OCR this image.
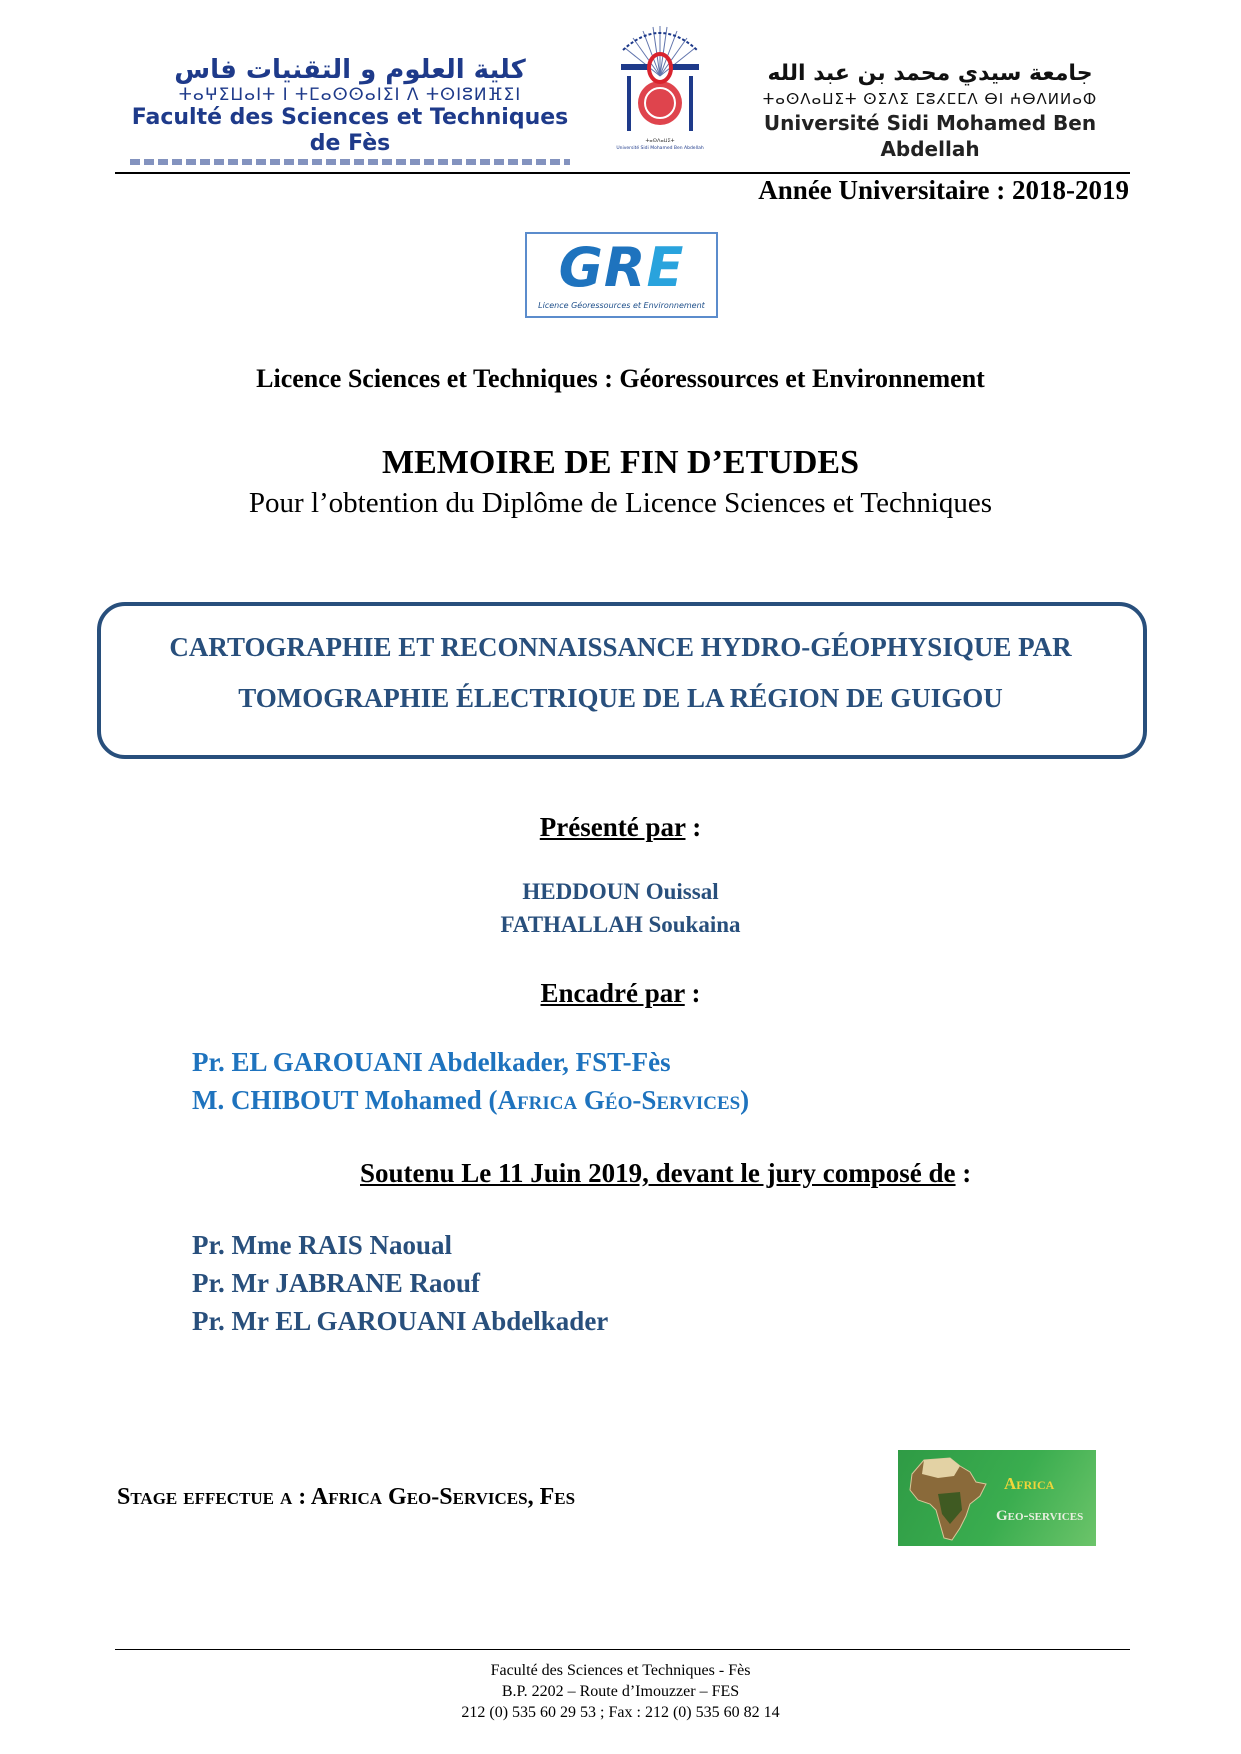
كلية العلوم و التقنيات فاس
ⵜⴰⵖⵉⵡⴰⵏⵜ ⵏ ⵜⵎⴰⵙⵙⴰⵏⵉⵏ ⴷ ⵜⵙⵏⵓⵍⴼⵉⵏ
Faculté des Sciences et Techniques de Fès	ⵜⴰⵙⴷⴰⵡⵉⵜ
Université Sidi Mohamed Ben Abdellah
جامعة سيدي محمد بن عبد الله
ⵜⴰⵙⴷⴰⵡⵉⵜ ⵙⵉⴷⵉ ⵎⵓⵃⵎⵎⴷ ⴱⵏ ⵄⴱⴷⵍⵍⴰⵀ
Université Sidi Mohamed Ben Abdellah
Année Universitaire : 2018-2019
GRE
Licence Géoressources et Environnement
Licence Sciences et Techniques : Géoressources et Environnement
MEMOIRE DE FIN D’ETUDES
Pour l’obtention du Diplôme de Licence Sciences et Techniques
CARTOGRAPHIE ET RECONNAISSANCE HYDRO-GÉOPHYSIQUE PAR
TOMOGRAPHIE ÉLECTRIQUE DE LA RÉGION DE GUIGOU
Présenté par :
HEDDOUN Ouissal
FATHALLAH Soukaina
Encadré par :
Pr. EL GAROUANI Abdelkader, FST-Fès
M. CHIBOUT Mohamed (Africa Géo-Services)
Soutenu Le 11 Juin 2019, devant le jury composé de :
Pr. Mme RAIS Naoual
Pr. Mr JABRANE Raouf
Pr. Mr EL GAROUANI Abdelkader
Stage effectue a : Africa Geo-Services, Fes
Africa
Geo-services
Faculté des Sciences et Techniques - Fès
B.P. 2202 – Route d’Imouzzer – FES
212 (0) 535 60 29 53 ; Fax : 212 (0) 535 60 82 14
